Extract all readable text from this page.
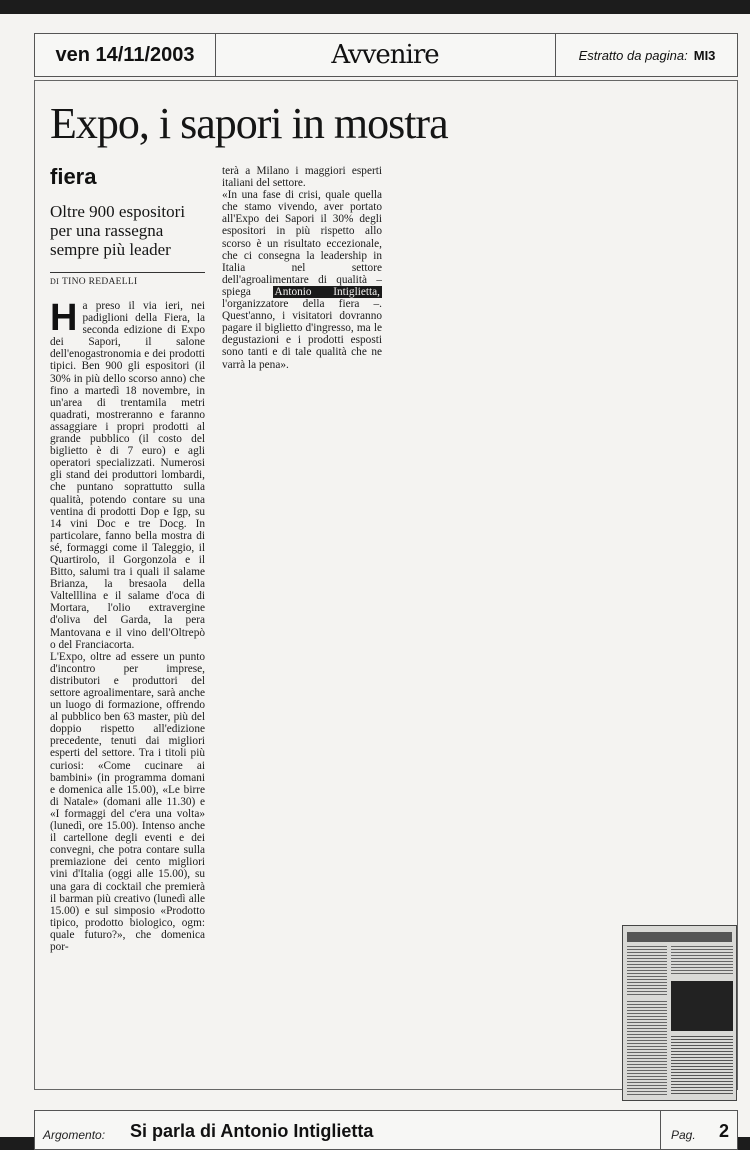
ven 14/11/2003	Avvenire	Estratto da pagina: MI3
Expo, i sapori in mostra
fiera

Oltre 900 espositori per una rassegna sempre più leader

DI TINO REDAELLI
H a preso il via ieri, nei padiglioni della Fiera, la seconda edizione di Expo dei Sapori, il salone dell'enogastronomia e dei prodotti tipici. Ben 900 gli espositori (il 30% in più dello scorso anno) che fino a martedì 18 novembre, in un'area di trentamila metri quadrati, mostreranno e faranno assaggiare i propri prodotti al grande pubblico (il costo del biglietto è di 7 euro) e agli operatori specializzati. Numerosi gli stand dei produttori lombardi, che puntano soprattutto sulla qualità, potendo contare su una ventina di prodotti Dop e Igp, su 14 vini Doc e tre Docg. In particolare, fanno bella mostra di sé, formaggi come il Taleggio, il Quartirolo, il Gorgonzola e il Bitto, salumi tra i quali il salame Brianza, la bresaola della Valtelllina e il salame d'oca di Mortara, l'olio extravergine d'oliva del Garda, la pera Mantovana e il vino dell'Oltrepò o del Franciacorta.
L'Expo, oltre ad essere un punto d'incontro per imprese, distributori e produttori del settore agroalimentare, sarà anche un luogo di formazione, offrendo al pubblico ben 63 master, più del doppio rispetto all'edizione precedente, tenuti dai migliori esperti del settore. Tra i titoli più curiosi: «Come cucinare ai bambini» (in programma domani e domenica alle 15.00), «Le birre di Natale» (domani alle 11.30) e «I formaggi del c'era una volta» (lunedì, ore 15.00). Intenso anche il cartellone degli eventi e dei convegni, che potra contare sulla premiazione dei cento migliori vini d'Italia (oggi alle 15.00), su una gara di cocktail che premierà il barman più creativo (lunedì alle 15.00) e sul simposio «Prodotto tipico, prodotto biologico, ogm: quale futuro?», che domenica por-
terà a Milano i maggiori esperti italiani del settore.
«In una fase di crisi, quale quella che stamo vivendo, aver portato all'Expo dei Sapori il 30% degli espositori in più rispetto allo scorso è un risultato eccezionale, che ci consegna la leadership in Italia nel settore dell'agroalimentare di qualità – spiega Antonio Intiglietta, l'organizzatore della fiera –. Quest'anno, i visitatori dovranno pagare il biglietto d'ingresso, ma le degustazioni e i prodotti esposti sono tanti e di tale qualità che ne varrà la pena».
Argomento: Si parla di Antonio Intiglietta	Pag. 2
